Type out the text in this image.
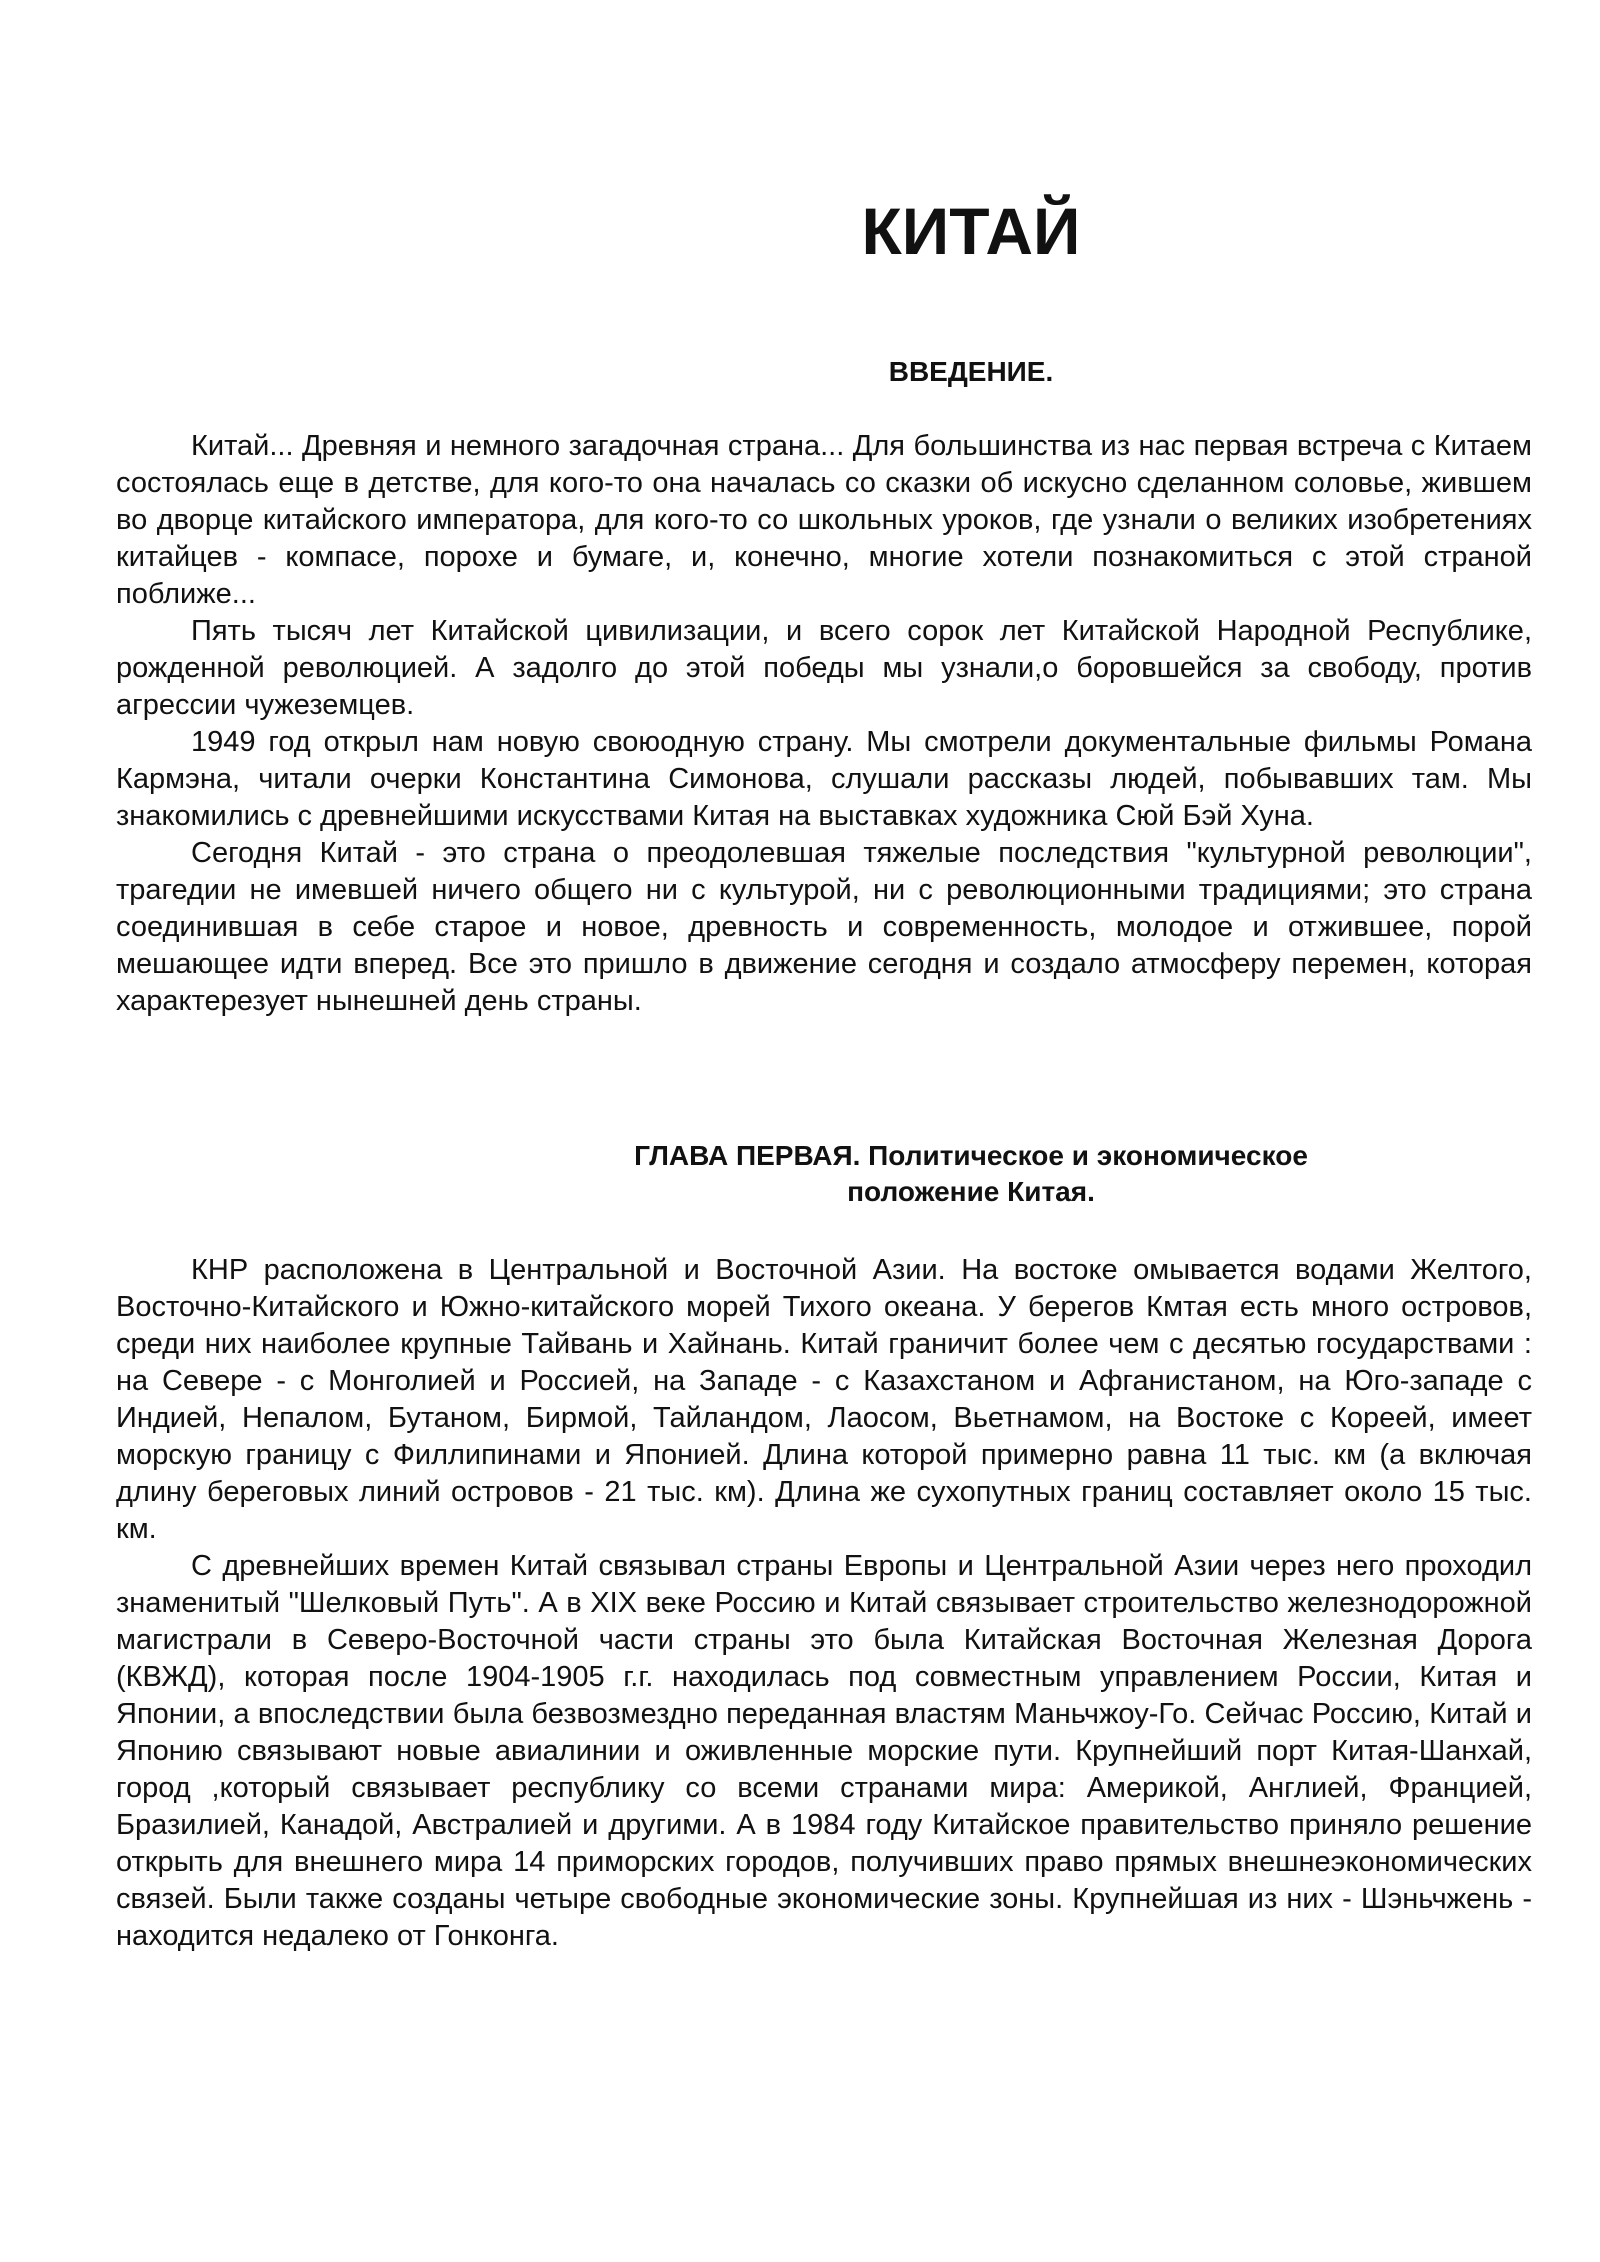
КИТАЙ
ВВЕДЕНИЕ.

Китай... Древняя и немного загадочная страна... Для большинства из нас первая встреча с Китаем состоялась еще в детстве, для кого-то она началась со сказки об искусно сделанном соловье, жившем во дворце китайского императора, для кого-то со школьных уроков, где узнали о великих изобретениях китайцев - компасе, порохе и бумаге, и, конечно, многие хотели познакомиться с этой страной поближе...

Пять тысяч лет Китайской цивилизации, и всего сорок лет Китайской Народной Республике, рожденной революцией. А задолго до этой победы мы узнали,о боровшейся за свободу, против агрессии чужеземцев.

1949 год открыл нам новую своюодную страну. Мы смотрели документальные фильмы Романа Кармэна, читали очерки Константина Симонова, слушали рассказы людей, побывавших там. Мы знакомились с древнейшими искусствами Китая на выставках художника Сюй Бэй Хуна.

Сегодня Китай - это страна о преодолевшая тяжелые последствия "культурной революции", трагедии не имевшей ничего общего ни с культурой, ни с революционными традициями; это страна соединившая в себе старое и новое, древность и современность, молодое и отжившее, порой мешающее идти вперед. Все это пришло в движение сегодня и создало атмосферу перемен, которая характерезует нынешней день страны.

ГЛАВА ПЕРВАЯ. Политическое и экономическое
положение Китая.

КНР расположена в Центральной и Восточной Азии. На востоке омывается водами Желтого, Восточно-Китайского и Южно-китайского морей Тихого океана. У берегов Кмтая есть много островов, среди них наиболее крупные Тайвань и Хайнань. Китай граничит более чем с десятью государствами : на Севере - с Монголией и Россией, на Западе - с Казахстаном и Афганистаном, на Юго-западе с Индией, Непалом, Бутаном, Бирмой, Тайландом, Лаосом, Вьетнамом, на Востоке с Кореей, имеет морскую границу с Филлипинами и Японией. Длина которой примерно равна 11 тыс. км (а включая длину береговых линий островов - 21 тыс. км). Длина же сухопутных границ составляет около 15 тыс. км.

С древнейших времен Китай связывал страны Европы и Центральной Азии через него проходил знаменитый "Шелковый Путь". А в XIX веке Россию и Китай связывает строительство железнодорожной магистрали в Северо-Восточной части страны это была Китайская Восточная Железная Дорога (КВЖД), которая после 1904-1905 г.г. находилась под совместным управлением России, Китая и Японии, а впоследствии была безвозмездно переданная властям Маньчжоу-Го. Сейчас Россию, Китай и Японию связывают новые авиалинии и оживленные морские пути. Крупнейший порт Китая-Шанхай, город ,который связывает республику со всеми странами мира: Америкой, Англией, Францией, Бразилией, Канадой, Австралией и другими. А в 1984 году Китайское правительство приняло решение открыть для внешнего мира 14 приморских городов, получивших право прямых внешнеэкономических связей. Были также созданы четыре свободные экономические зоны. Крупнейшая из них - Шэньчжень - находится недалеко от Гонконга.
